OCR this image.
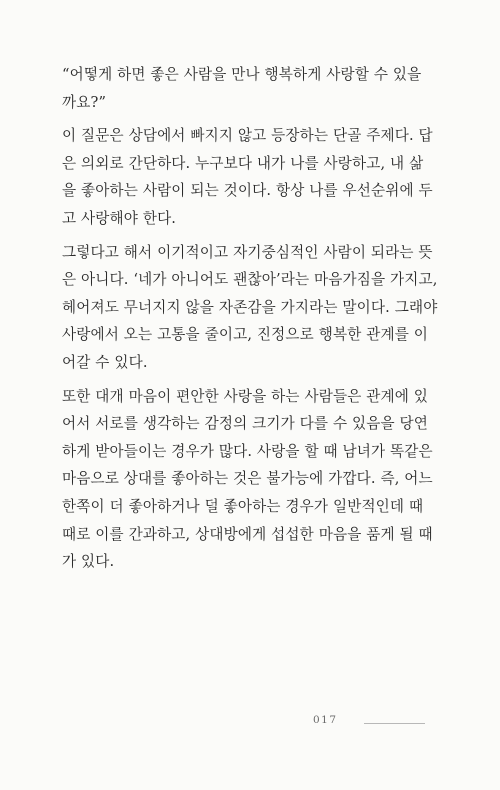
“어떻게 하면 좋은 사람을 만나 행복하게 사랑할 수 있을
까요?”

이 질문은 상담에서 빠지지 않고 등장하는 단골 주제다. 답
은 의외로 간단하다. 누구보다 내가 나를 사랑하고, 내 삶
을 좋아하는 사람이 되는 것이다. 항상 나를 우선순위에 두
고 사랑해야 한다.

그렇다고 해서 이기적이고 자기중심적인 사람이 되라는 뜻
은 아니다. ‘네가 아니어도 괜찮아’라는 마음가짐을 가지고,
헤어져도 무너지지 않을 자존감을 가지라는 말이다. 그래야
사랑에서 오는 고통을 줄이고, 진정으로 행복한 관계를 이
어갈 수 있다.

또한 대개 마음이 편안한 사랑을 하는 사람들은 관계에 있
어서 서로를 생각하는 감정의 크기가 다를 수 있음을 당연
하게 받아들이는 경우가 많다. 사랑을 할 때 남녀가 똑같은
마음으로 상대를 좋아하는 것은 불가능에 가깝다. 즉, 어느
한쪽이 더 좋아하거나 덜 좋아하는 경우가 일반적인데 때
때로 이를 간과하고, 상대방에게 섭섭한 마음을 품게 될 때
가 있다.

017
